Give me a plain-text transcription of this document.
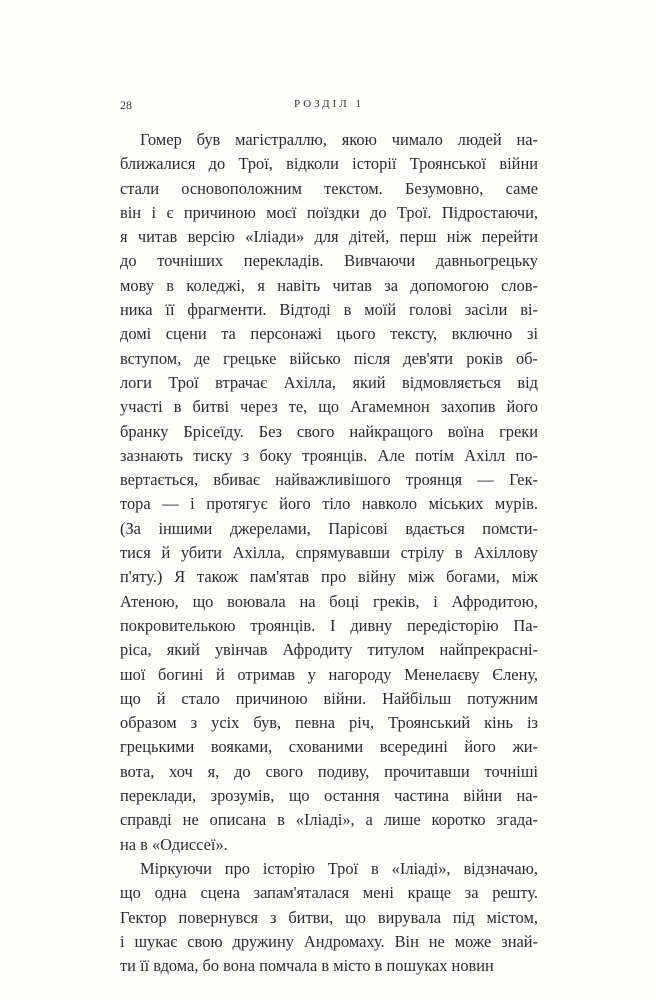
28	РОЗДІЛ 1
Гомер був магістраллю, якою чимало людей на-
ближалися до Трої, відколи історії Троянської війни
стали основоположним текстом. Безумовно, саме
він і є причиною моєї поїздки до Трої. Підростаючи,
я читав версію «Іліади» для дітей, перш ніж перейти
до точніших перекладів. Вивчаючи давньогрецьку
мову в коледжі, я навіть читав за допомогою слов-
ника її фрагменти. Відтоді в моїй голові засіли ві-
домі сцени та персонажі цього тексту, включно зі
вступом, де грецьке військо після дев'яти років об-
логи Трої втрачає Ахілла, який відмовляється від
участі в битві через те, що Агамемнон захопив його
бранку Брісеїду. Без свого найкращого воїна греки
зазнають тиску з боку троянців. Але потім Ахілл по-
вертається, вбиває найважливішого троянця — Гек-
тора — і протягує його тіло навколо міських мурів.
(За іншими джерелами, Парісові вдається помсти-
тися й убити Ахілла, спрямувавши стрілу в Ахіллову
п'яту.) Я також пам'ятав про війну між богами, між
Атеною, що воювала на боці греків, і Афродитою,
покровителькою троянців. І дивну передісторію Па-
ріса, який увінчав Афродиту титулом найпрекрасні-
шої богині й отримав у нагороду Менелаєву Єлену,
що й стало причиною війни. Найбільш потужним
образом з усіх був, певна річ, Троянський кінь із
грецькими вояками, схованими всередині його жи-
вота, хоч я, до свого подиву, прочитавши точніші
переклади, зрозумів, що остання частина війни на-
справді не описана в «Іліаді», а лише коротко згада-
на в «Одиссеї».
Міркуючи про історію Трої в «Іліаді», відзначаю,
що одна сцена запам'яталася мені краще за решту.
Гектор повернувся з битви, що вирувала під містом,
і шукає свою дружину Андромаху. Він не може знай-
ти її вдома, бо вона помчала в місто в пошуках новин
